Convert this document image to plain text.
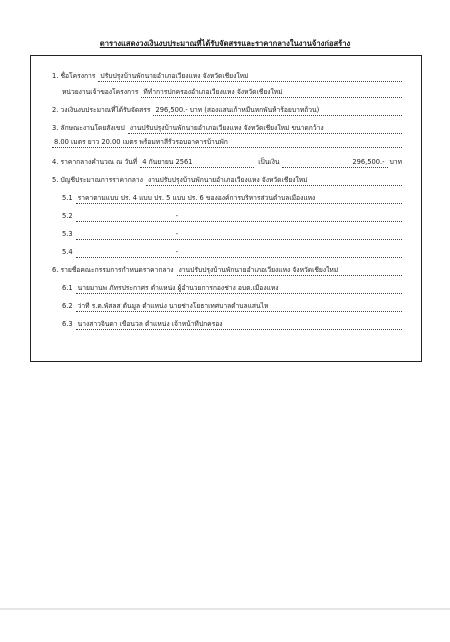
ตารางแสดงวงเงินงบประมาณที่ได้รับจัดสรรและราคากลางในงานจ้างก่อสร้าง
1. ชื่อโครงการ ปรับปรุงบ้านพักนายอำเภอเวียงแหง จังหวัดเชียงใหม่
หน่วยงานเจ้าของโครงการ ที่ทำการปกครองอำเภอเวียงแหง จังหวัดเชียงใหม่
2. วงเงินงบประมาณที่ได้รับจัดสรร 296,500.- บาท (สองแสนเก้าหมื่นหกพันห้าร้อยบาทถ้วน)
3. ลักษณะงานโดยสังเขป งานปรับปรุงบ้านพักนายอำเภอเวียงแหง จังหวัดเชียงใหม่ ขนาดกว้าง
8.00 เมตร ยาว 20.00 เมตร พร้อมทาสีรั้วรอบอาคารบ้านพัก
4. ราคากลางคำนวณ ณ วันที่ 4 กันยายน 2561	เป็นเงิน	296,500.- บาท
5. บัญชีประมาณการราคากลาง งานปรับปรุงบ้านพักนายอำเภอเวียงแหง จังหวัดเชียงใหม่
5.1 ราคาตามแบบ ปร. 4 แบบ ปร. 5 แบบ ปร. 6 ขององค์การบริหารส่วนตำบลเมืองแหง
5.2	-
5.3	-
5.4	-
6. รายชื่อคณะกรรมการกำหนดราคากลาง งานปรับปรุงบ้านพักนายอำเภอเวียงแหง จังหวัดเชียงใหม่
6.1 นายมานพ ภัทรประกาศร ตำแหน่ง ผู้อำนวยการกองช่าง อบต.เมืองแหง
6.2 ว่าที่ ร.ต.พัสลส ตั้นมูล ตำแหน่ง นายช่างโยธาเทศบาลตำบลแสนไห
6.3 นางสาวจินดา เขื่อนวล ตำแหน่ง เจ้าหน้าที่ปกครอง
